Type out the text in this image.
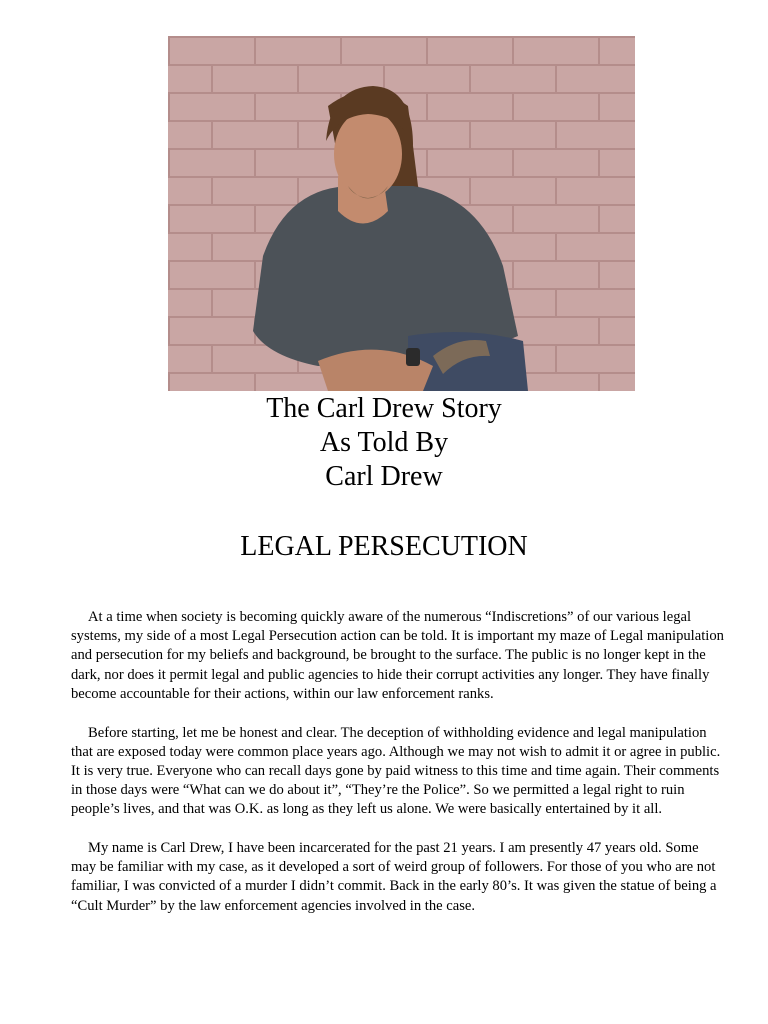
The Carl Drew Story

As Told By

Carl Drew

LEGAL PERSECUTION

At a time when society is becoming quickly aware of the numerous “Indiscretions” of our various legal systems, my side of a most Legal Persecution action can be told. It is important my maze of Legal manipulation and persecution for my beliefs and background, be brought to the surface. The public is no longer kept in the dark, nor does it permit legal and public agencies to hide their corrupt activities any longer. They have finally become accountable for their actions, within our law enforcement ranks.

Before starting, let me be honest and clear. The deception of withholding evidence and legal manipulation that are exposed today were common place years ago. Although we may not wish to admit it or agree in public. It is very true. Everyone who can recall days gone by paid witness to this time and time again. Their comments in those days were “What can we do about it”, “They’re the Police”. So we permitted a legal right to ruin people’s lives, and that was O.K. as long as they left us alone. We were basically entertained by it all.

My name is Carl Drew, I have been incarcerated for the past 21 years. I am presently 47 years old. Some may be familiar with my case, as it developed a sort of weird group of followers. For those of you who are not familiar, I was convicted of a murder I didn’t commit. Back in the early 80’s. It was given the statue of being a “Cult Murder” by the law enforcement agencies involved in the case.
